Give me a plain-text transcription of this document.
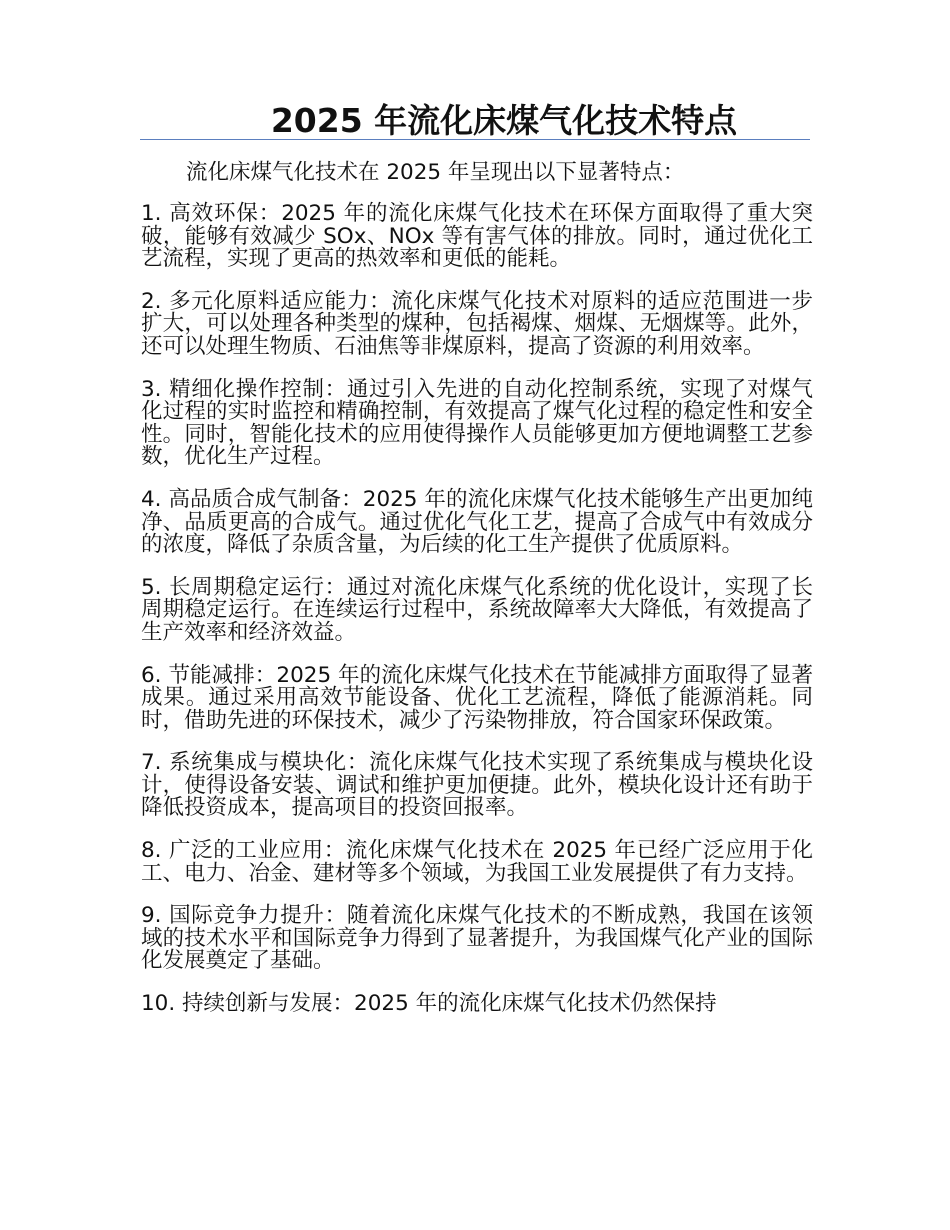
2025 年流化床煤气化技术特点

流化床煤气化技术在 2025 年呈现出以下显著特点：

1. 高效环保：2025 年的流化床煤气化技术在环保方面取得了重大突破，能够有效减少 SOx、NOx 等有害气体的排放。同时，通过优化工艺流程，实现了更高的热效率和更低的能耗。
2. 多元化原料适应能力：流化床煤气化技术对原料的适应范围进一步扩大，可以处理各种类型的煤种，包括褐煤、烟煤、无烟煤等。此外，还可以处理生物质、石油焦等非煤原料，提高了资源的利用效率。
3. 精细化操作控制：通过引入先进的自动化控制系统，实现了对煤气化过程的实时监控和精确控制，有效提高了煤气化过程的稳定性和安全性。同时，智能化技术的应用使得操作人员能够更加方便地调整工艺参数，优化生产过程。
4. 高品质合成气制备：2025 年的流化床煤气化技术能够生产出更加纯净、品质更高的合成气。通过优化气化工艺，提高了合成气中有效成分的浓度，降低了杂质含量，为后续的化工生产提供了优质原料。
5. 长周期稳定运行：通过对流化床煤气化系统的优化设计，实现了长周期稳定运行。在连续运行过程中，系统故障率大大降低，有效提高了生产效率和经济效益。
6. 节能减排：2025 年的流化床煤气化技术在节能减排方面取得了显著成果。通过采用高效节能设备、优化工艺流程，降低了能源消耗。同时，借助先进的环保技术，减少了污染物排放，符合国家环保政策。
7. 系统集成与模块化：流化床煤气化技术实现了系统集成与模块化设计，使得设备安装、调试和维护更加便捷。此外，模块化设计还有助于降低投资成本，提高项目的投资回报率。
8. 广泛的工业应用：流化床煤气化技术在 2025 年已经广泛应用于化工、电力、冶金、建材等多个领域，为我国工业发展提供了有力支持。
9. 国际竞争力提升：随着流化床煤气化技术的不断成熟，我国在该领域的技术水平和国际竞争力得到了显著提升，为我国煤气化产业的国际化发展奠定了基础。
10. 持续创新与发展：2025 年的流化床煤气化技术仍然保持
